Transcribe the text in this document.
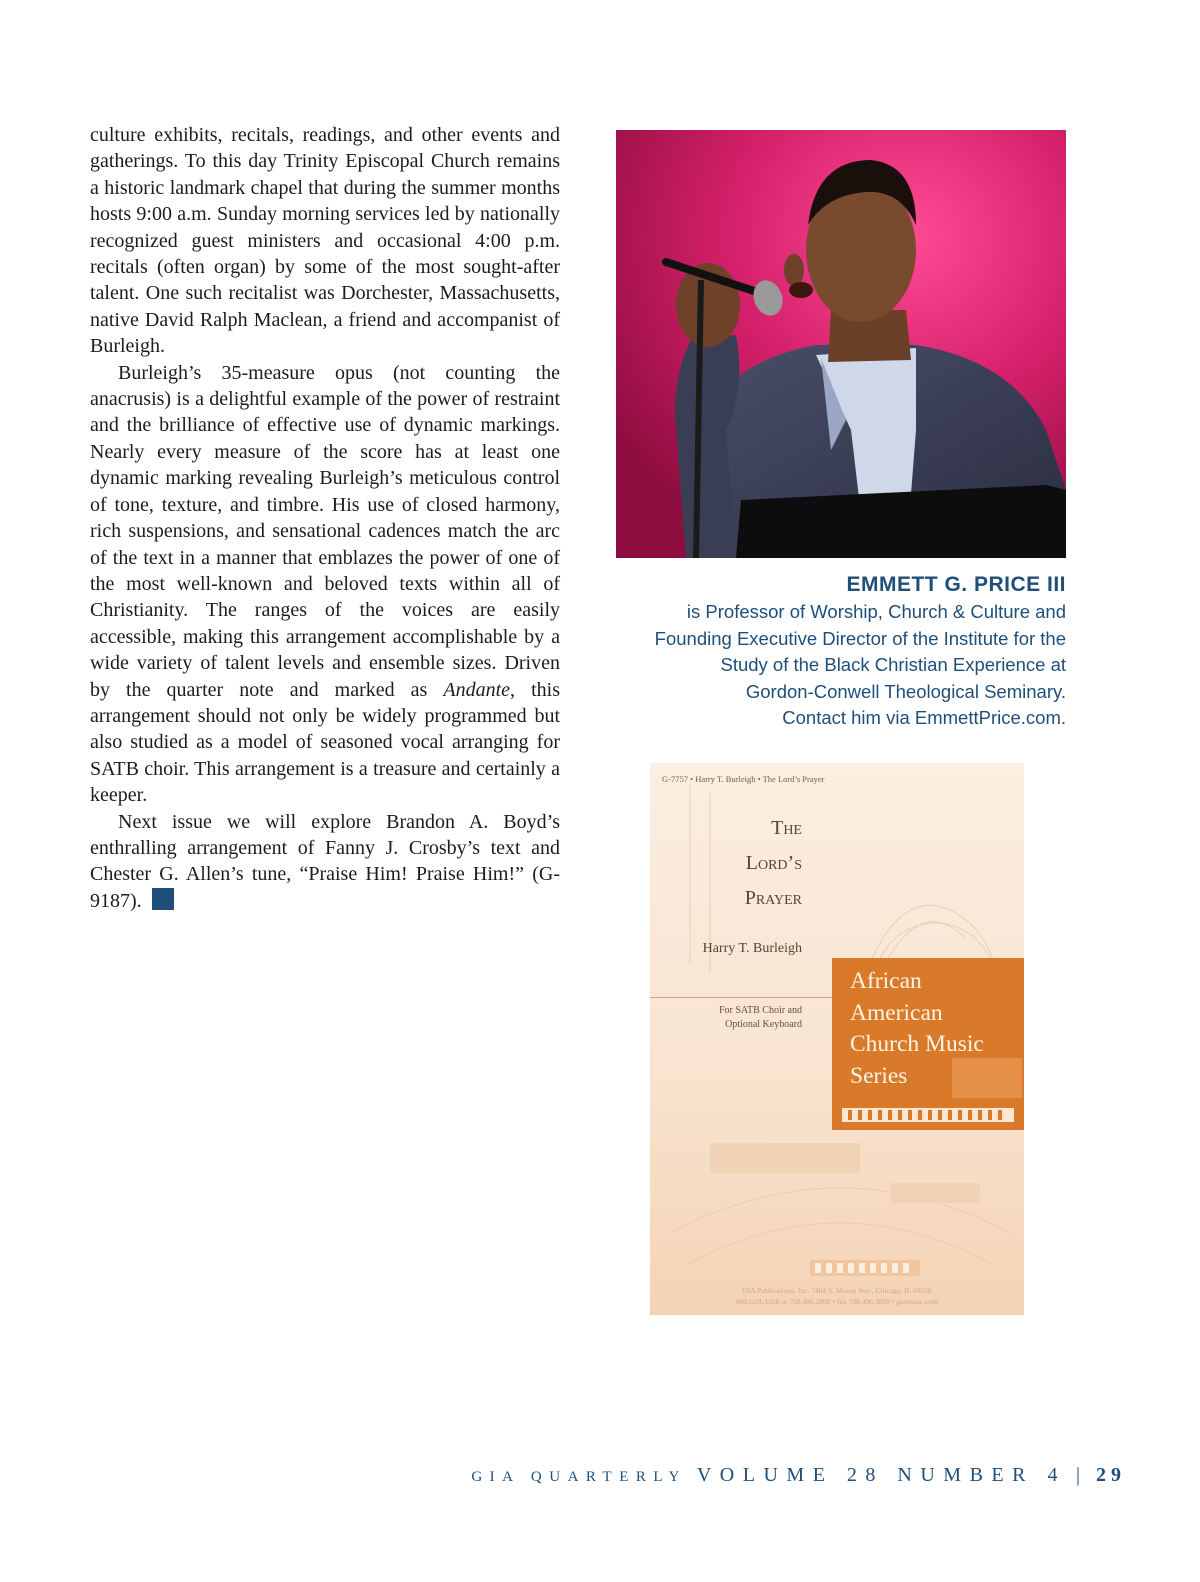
culture exhibits, recitals, readings, and other events and gatherings. To this day Trinity Episcopal Church remains a historic landmark chapel that during the summer months hosts 9:00 a.m. Sunday morning services led by nationally recognized guest ministers and occasional 4:00 p.m. recitals (often organ) by some of the most sought-after talent. One such recitalist was Dorchester, Massachusetts, native David Ralph Maclean, a friend and accompanist of Burleigh.

Burleigh’s 35-measure opus (not counting the anacrusis) is a delightful example of the power of restraint and the brilliance of effective use of dynamic markings. Nearly every measure of the score has at least one dynamic marking revealing Burleigh’s meticulous control of tone, texture, and timbre. His use of closed harmony, rich suspensions, and sensational cadences match the arc of the text in a manner that emblazes the power of one of the most well-known and beloved texts within all of Christianity. The ranges of the voices are easily accessible, making this arrangement accomplishable by a wide variety of talent levels and ensemble sizes. Driven by the quarter note and marked as Andante, this arrangement should not only be widely programmed but also studied as a model of seasoned vocal arranging for SATB choir. This arrangement is a treasure and certainly a keeper.

Next issue we will explore Brandon A. Boyd’s enthralling arrangement of Fanny J. Crosby’s text and Chester G. Allen’s tune, “Praise Him! Praise Him!” (G-9187).

EMMETT G. PRICE III
is Professor of Worship, Church & Culture and
Founding Executive Director of the Institute for the
Study of the Black Christian Experience at
Gordon-Conwell Theological Seminary.
Contact him via EmmettPrice.com.
G-7757 • Harry T. Burleigh • The Lord’s Prayer
The
Lord’s
Prayer
Harry T. Burleigh
For SATB Choir and
Optional Keyboard
African
American
Church Music
Series
GIA Publications, Inc. 7404 S. Mason Ave., Chicago, IL 60638
800.GIA.1358 or 708.496.3800 • fax 708.496.3828 • giamusic.com
GIA QUARTERLY VOLUME 28 NUMBER 4 | 29
